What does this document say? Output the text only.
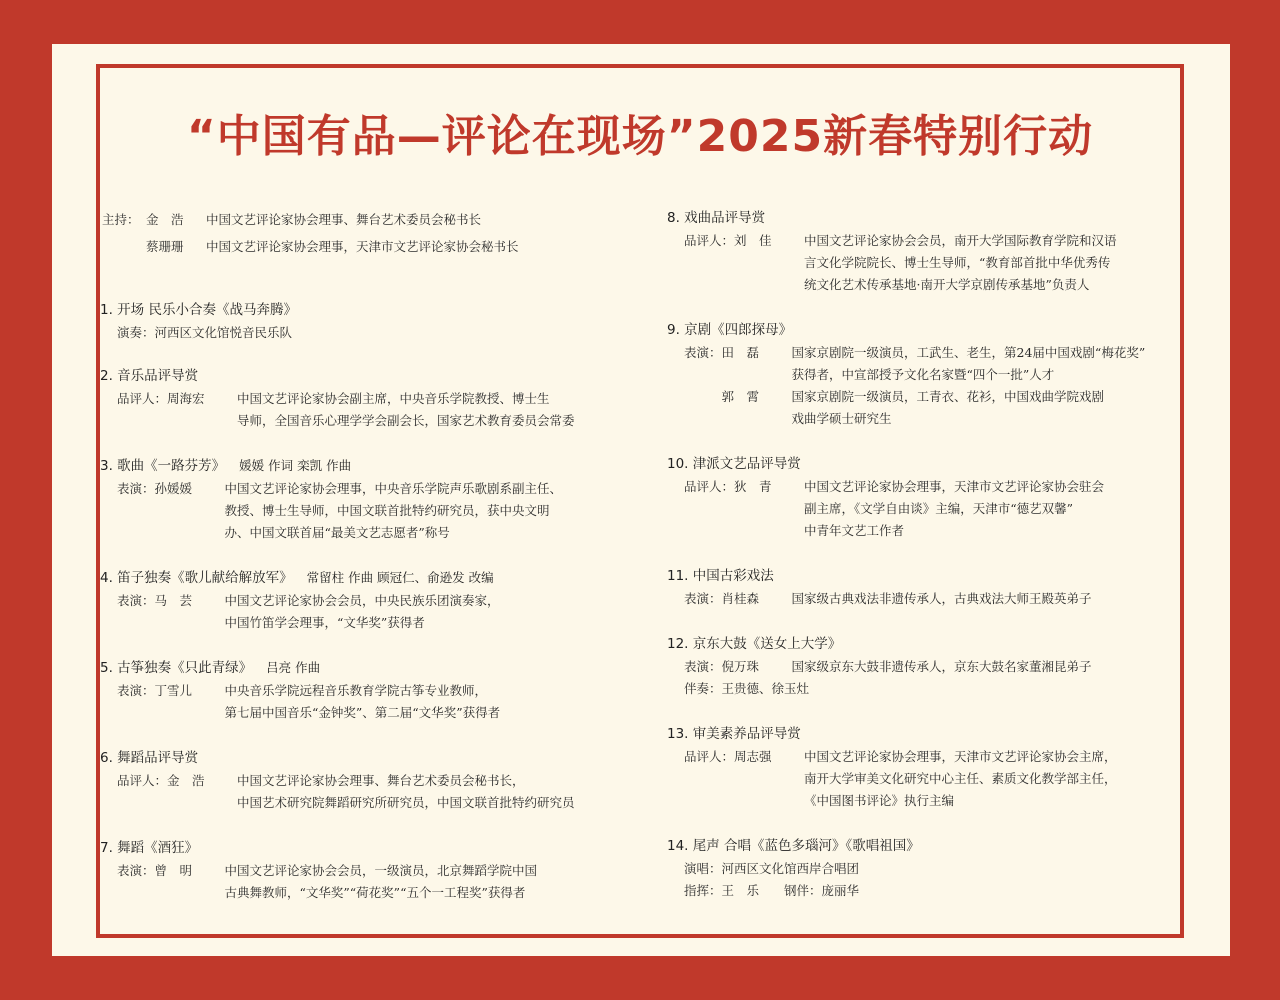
“中国有品—评论在现场”2025新春特别行动
主持： 金　浩 中国文艺评论家协会理事、舞台艺术委员会秘书长
蔡珊珊 中国文艺评论家协会理事，天津市文艺评论家协会秘书长
1. 开场 民乐小合奏《战马奔腾》
演奏： 河西区文化馆悦音民乐队
2. 音乐品评导赏
品评人： 周海宏	中国文艺评论家协会副主席，中央音乐学院教授、博士生
导师，全国音乐心理学学会副会长，国家艺术教育委员会常委
3. 歌曲《一路芬芳》 媛媛 作词 栾凯 作曲
表演： 孙媛媛	中国文艺评论家协会理事，中央音乐学院声乐歌剧系副主任、
教授、博士生导师，中国文联首批特约研究员，获中央文明
办、中国文联首届“最美文艺志愿者”称号
4. 笛子独奏《歌儿献给解放军》 常留柱 作曲 顾冠仁、俞逊发 改编
表演： 马　芸	中国文艺评论家协会会员，中央民族乐团演奏家，
中国竹笛学会理事，“文华奖”获得者
5. 古筝独奏《只此青绿》 吕亮 作曲
表演： 丁雪儿	中央音乐学院远程音乐教育学院古筝专业教师，
第七届中国音乐“金钟奖”、第二届“文华奖”获得者
6. 舞蹈品评导赏
品评人： 金　浩	中国文艺评论家协会理事、舞台艺术委员会秘书长，
中国艺术研究院舞蹈研究所研究员，中国文联首批特约研究员
7. 舞蹈《酒狂》
表演： 曾　明	中国文艺评论家协会会员，一级演员，北京舞蹈学院中国
古典舞教师，“文华奖”“荷花奖”“五个一工程奖”获得者
8. 戏曲品评导赏
品评人： 刘　佳	中国文艺评论家协会会员，南开大学国际教育学院和汉语
言文化学院院长、博士生导师，“教育部首批中华优秀传
统文化艺术传承基地·南开大学京剧传承基地”负责人
9. 京剧《四郎探母》
表演： 田　磊	国家京剧院一级演员，工武生、老生，第24届中国戏剧“梅花奖”
获得者，中宣部授予文化名家暨“四个一批”人才
郭　霄	国家京剧院一级演员，工青衣、花衫，中国戏曲学院戏剧
戏曲学硕士研究生
10. 津派文艺品评导赏
品评人： 狄　青	中国文艺评论家协会理事，天津市文艺评论家协会驻会
副主席，《文学自由谈》主编，天津市“德艺双馨”
中青年文艺工作者
11. 中国古彩戏法
表演： 肖桂森	国家级古典戏法非遗传承人，古典戏法大师王殿英弟子
12. 京东大鼓《送女上大学》
表演： 倪万珠	国家级京东大鼓非遗传承人，京东大鼓名家董湘昆弟子
伴奏： 王贵德、徐玉灶
13. 审美素养品评导赏
品评人： 周志强	中国文艺评论家协会理事，天津市文艺评论家协会主席，
南开大学审美文化研究中心主任、素质文化教学部主任，
《中国图书评论》执行主编
14. 尾声 合唱《蓝色多瑙河》《歌唱祖国》
演唱： 河西区文化馆西岸合唱团
指挥： 王　乐　　钢伴：庞丽华
